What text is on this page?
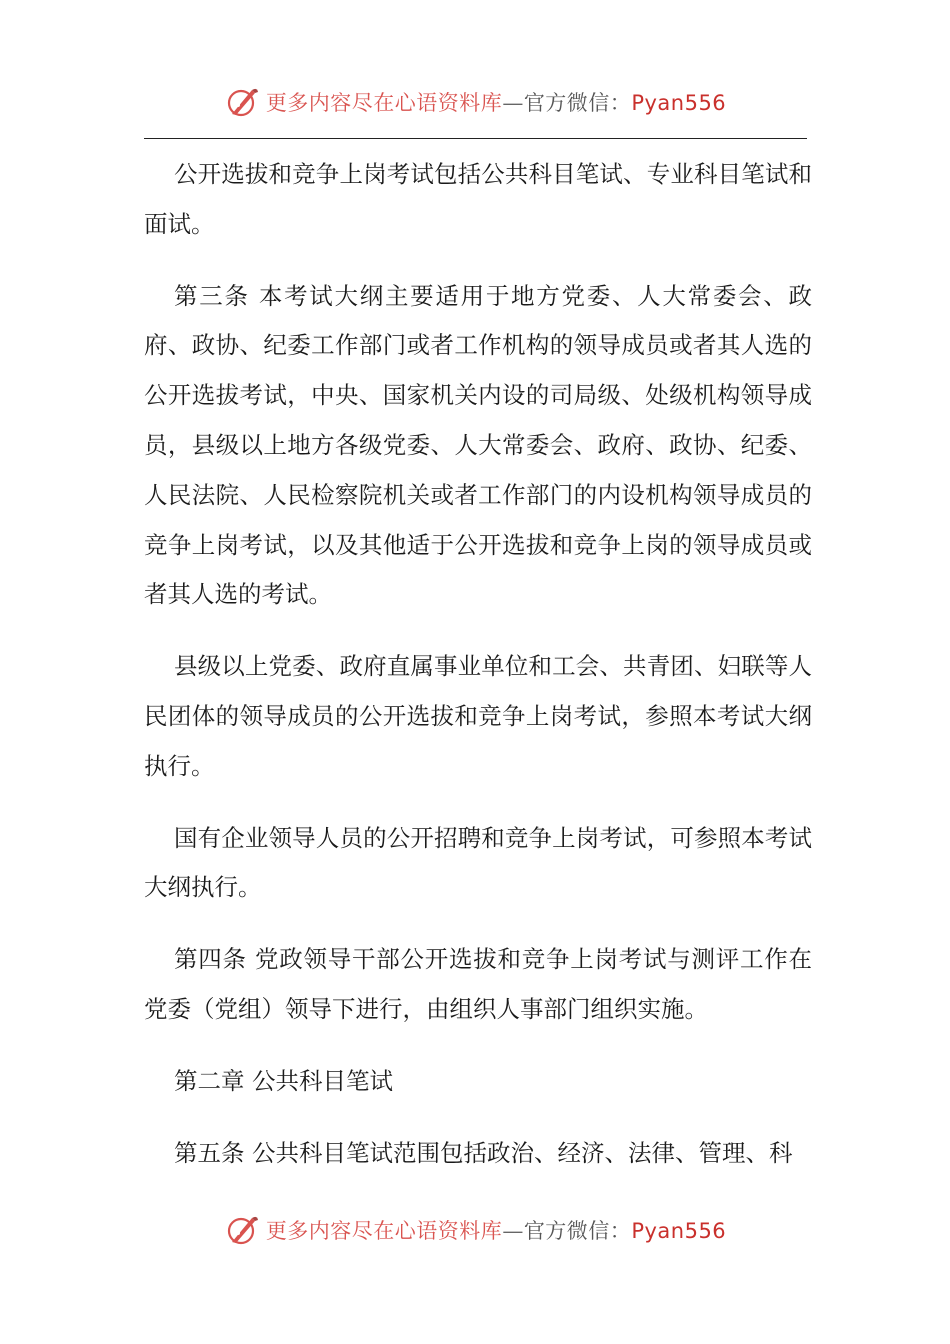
更多内容尽在心语资料库—官方微信：Pyan556

公开选拔和竞争上岗考试包括公共科目笔试、专业科目笔试和面试。

第三条 本考试大纲主要适用于地方党委、人大常委会、政府、政协、纪委工作部门或者工作机构的领导成员或者其人选的公开选拔考试，中央、国家机关内设的司局级、处级机构领导成员，县级以上地方各级党委、人大常委会、政府、政协、纪委、人民法院、人民检察院机关或者工作部门的内设机构领导成员的竞争上岗考试，以及其他适于公开选拔和竞争上岗的领导成员或者其人选的考试。

县级以上党委、政府直属事业单位和工会、共青团、妇联等人民团体的领导成员的公开选拔和竞争上岗考试，参照本考试大纲执行。

国有企业领导人员的公开招聘和竞争上岗考试，可参照本考试大纲执行。

第四条 党政领导干部公开选拔和竞争上岗考试与测评工作在党委（党组）领导下进行，由组织人事部门组织实施。

第二章 公共科目笔试

第五条 公共科目笔试范围包括政治、经济、法律、管理、科

更多内容尽在心语资料库—官方微信：Pyan556
